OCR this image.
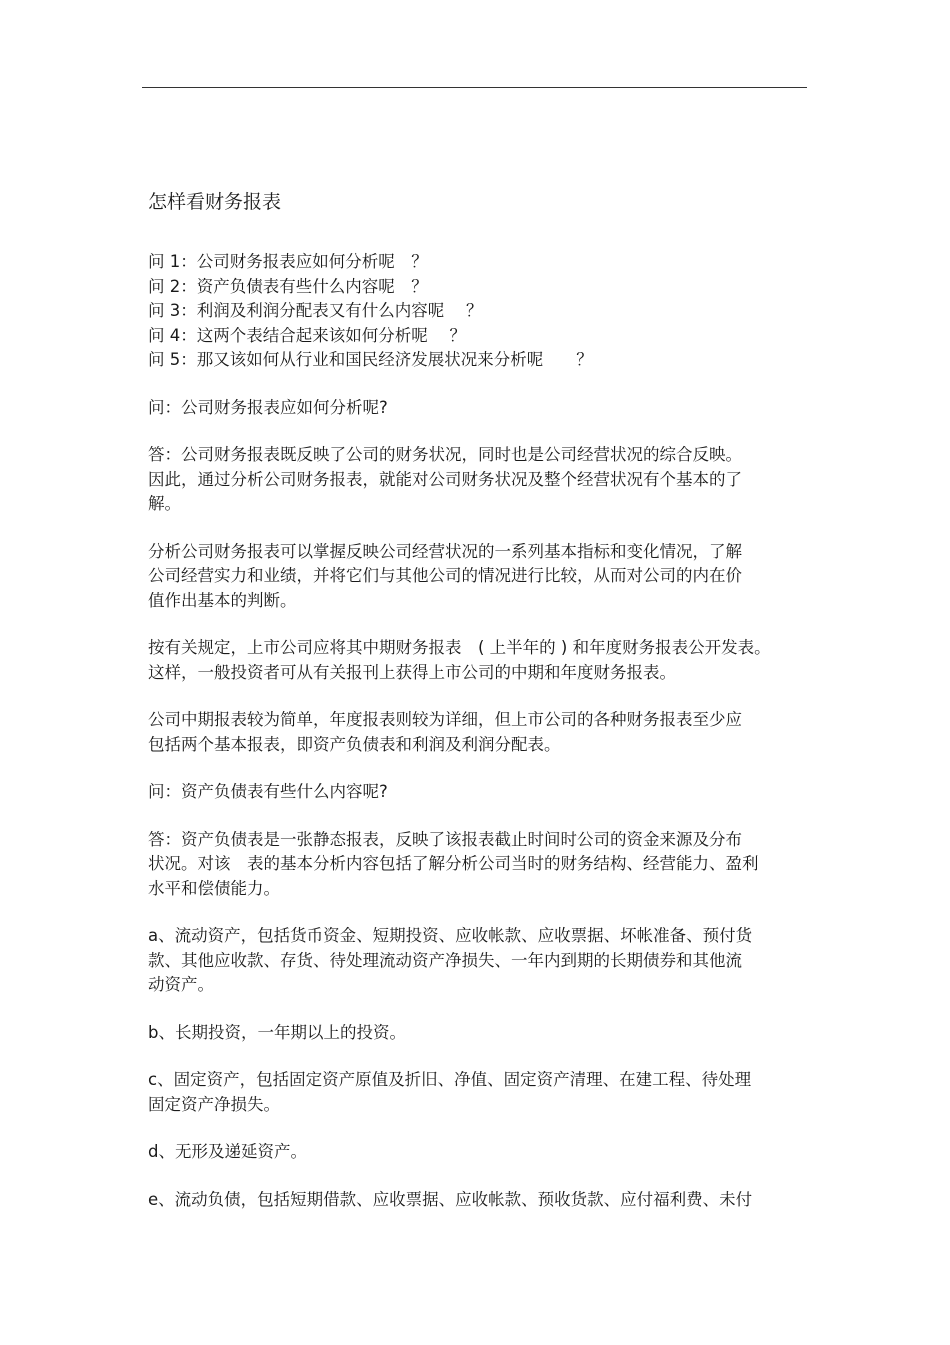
怎样看财务报表
问 1：公司财务报表应如何分析呢　？
问 2：资产负债表有些什么内容呢　？
问 3：利润及利润分配表又有什么内容呢　 ？
问 4：这两个表结合起来该如何分析呢　 ？
问 5：那又该如何从行业和国民经济发展状况来分析呢　　？
问：公司财务报表应如何分析呢?
答：公司财务报表既反映了公司的财务状况，同时也是公司经营状况的综合反映。
因此，通过分析公司财务报表，就能对公司财务状况及整个经营状况有个基本的了
解。
分析公司财务报表可以掌握反映公司经营状况的一系列基本指标和变化情况，了解
公司经营实力和业绩，并将它们与其他公司的情况进行比较，从而对公司的内在价
值作出基本的判断。
按有关规定，上市公司应将其中期财务报表　( 上半年的 ) 和年度财务报表公开发表。
这样，一般投资者可从有关报刊上获得上市公司的中期和年度财务报表。
公司中期报表较为简单，年度报表则较为详细，但上市公司的各种财务报表至少应
包括两个基本报表，即资产负债表和利润及利润分配表。
问：资产负债表有些什么内容呢?
答：资产负债表是一张静态报表，反映了该报表截止时间时公司的资金来源及分布
状况。对该　表的基本分析内容包括了解分析公司当时的财务结构、经营能力、盈利
水平和偿债能力。
a、流动资产，包括货币资金、短期投资、应收帐款、应收票据、坏帐准备、预付货
款、其他应收款、存货、待处理流动资产净损失、一年内到期的长期债券和其他流
动资产。
b、长期投资，一年期以上的投资。
c、固定资产，包括固定资产原值及折旧、净值、固定资产清理、在建工程、待处理
固定资产净损失。
d、无形及递延资产。
e、流动负债，包括短期借款、应收票据、应收帐款、预收货款、应付福利费、未付
